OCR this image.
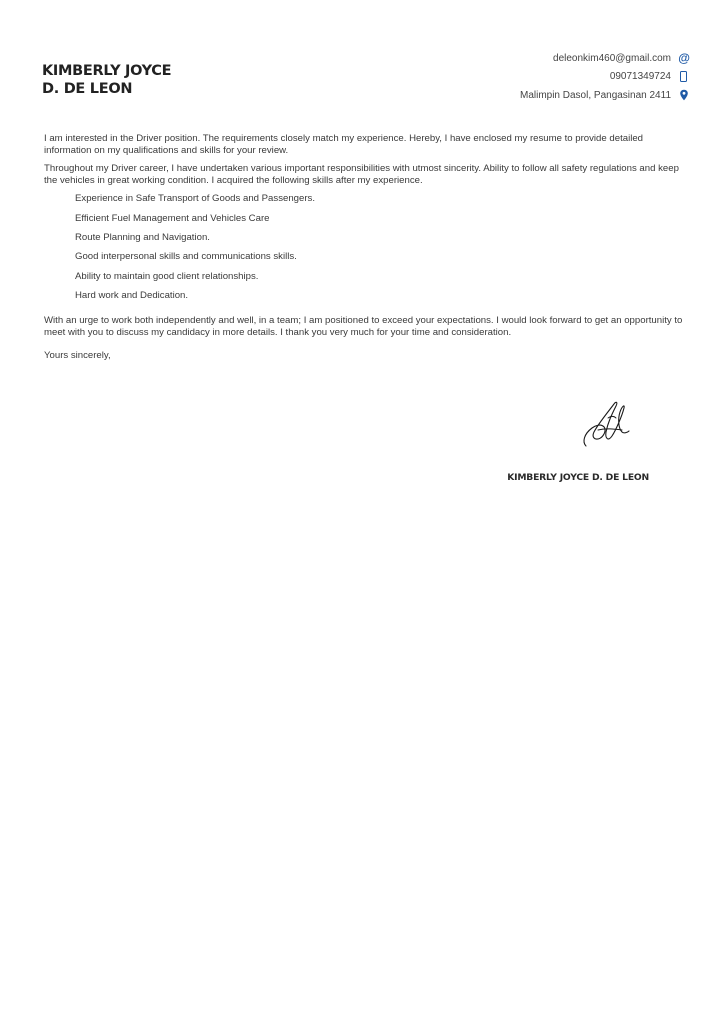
KIMBERLY JOYCE
D. DE LEON
deleonkim460@gmail.com @
09071349724
Malimpin Dasol, Pangasinan 2411

I am interested in the Driver position. The requirements closely match my experience. Hereby, I have enclosed my resume to provide detailed information on my qualifications and skills for your review.

Throughout my Driver career, I have undertaken various important responsibilities with utmost sincerity. Ability to follow all safety regulations and keep the vehicles in great working condition. I acquired the following skills after my experience.

Experience in Safe Transport of Goods and Passengers.
Efficient Fuel Management and Vehicles Care
Route Planning and Navigation.
Good interpersonal skills and communications skills.
Ability to maintain good client relationships.
Hard work and Dedication.

With an urge to work both independently and well, in a team; I am positioned to exceed your expectations. I would look forward to get an opportunity to meet with you to discuss my candidacy in more details. I thank you very much for your time and consideration.

Yours sincerely,

KIMBERLY JOYCE D. DE LEON
